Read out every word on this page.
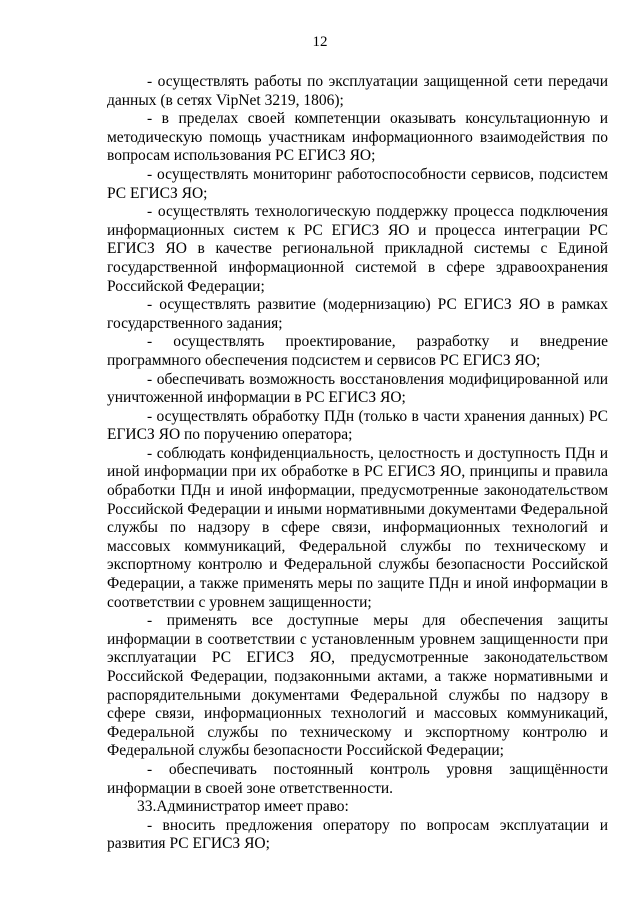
12

- осуществлять работы по эксплуатации защищенной сети передачи данных (в сетях VipNet 3219, 1806);

- в пределах своей компетенции оказывать консультационную и методическую помощь участникам информационного взаимодействия по вопросам использования РС ЕГИСЗ ЯО;

- осуществлять мониторинг работоспособности сервисов, подсистем РС ЕГИСЗ ЯО;

- осуществлять технологическую поддержку процесса подключения информационных систем к РС ЕГИСЗ ЯО и процесса интеграции РС ЕГИСЗ ЯО в качестве региональной прикладной системы с Единой государственной информационной системой в сфере здравоохранения Российской Федерации;

- осуществлять развитие (модернизацию) РС ЕГИСЗ ЯО в рамках государственного задания;

- осуществлять проектирование, разработку и внедрение программного обеспечения подсистем и сервисов РС ЕГИСЗ ЯО;

- обеспечивать возможность восстановления модифицированной или уничтоженной информации в РС ЕГИСЗ ЯО;

- осуществлять обработку ПДн (только в части хранения данных) РС ЕГИСЗ ЯО по поручению оператора;

- соблюдать конфиденциальность, целостность и доступность ПДн и иной информации при их обработке в РС ЕГИСЗ ЯО, принципы и правила обработки ПДн и иной информации, предусмотренные законодательством Российской Федерации и иными нормативными документами Федеральной службы по надзору в сфере связи, информационных технологий и массовых коммуникаций, Федеральной службы по техническому и экспортному контролю и Федеральной службы безопасности Российской Федерации, а также применять меры по защите ПДн и иной информации в соответствии с уровнем защищенности;

- применять все доступные меры для обеспечения защиты информации в соответствии с установленным уровнем защищенности при эксплуатации РС ЕГИСЗ ЯО, предусмотренные законодательством Российской Федерации, подзаконными актами, а также нормативными и распорядительными документами Федеральной службы по надзору в сфере связи, информационных технологий и массовых коммуникаций, Федеральной службы по техническому и экспортному контролю и Федеральной службы безопасности Российской Федерации;

- обеспечивать постоянный контроль уровня защищённости информации в своей зоне ответственности.

33.Администратор имеет право:

- вносить предложения оператору по вопросам эксплуатации и развития РС ЕГИСЗ ЯО;
